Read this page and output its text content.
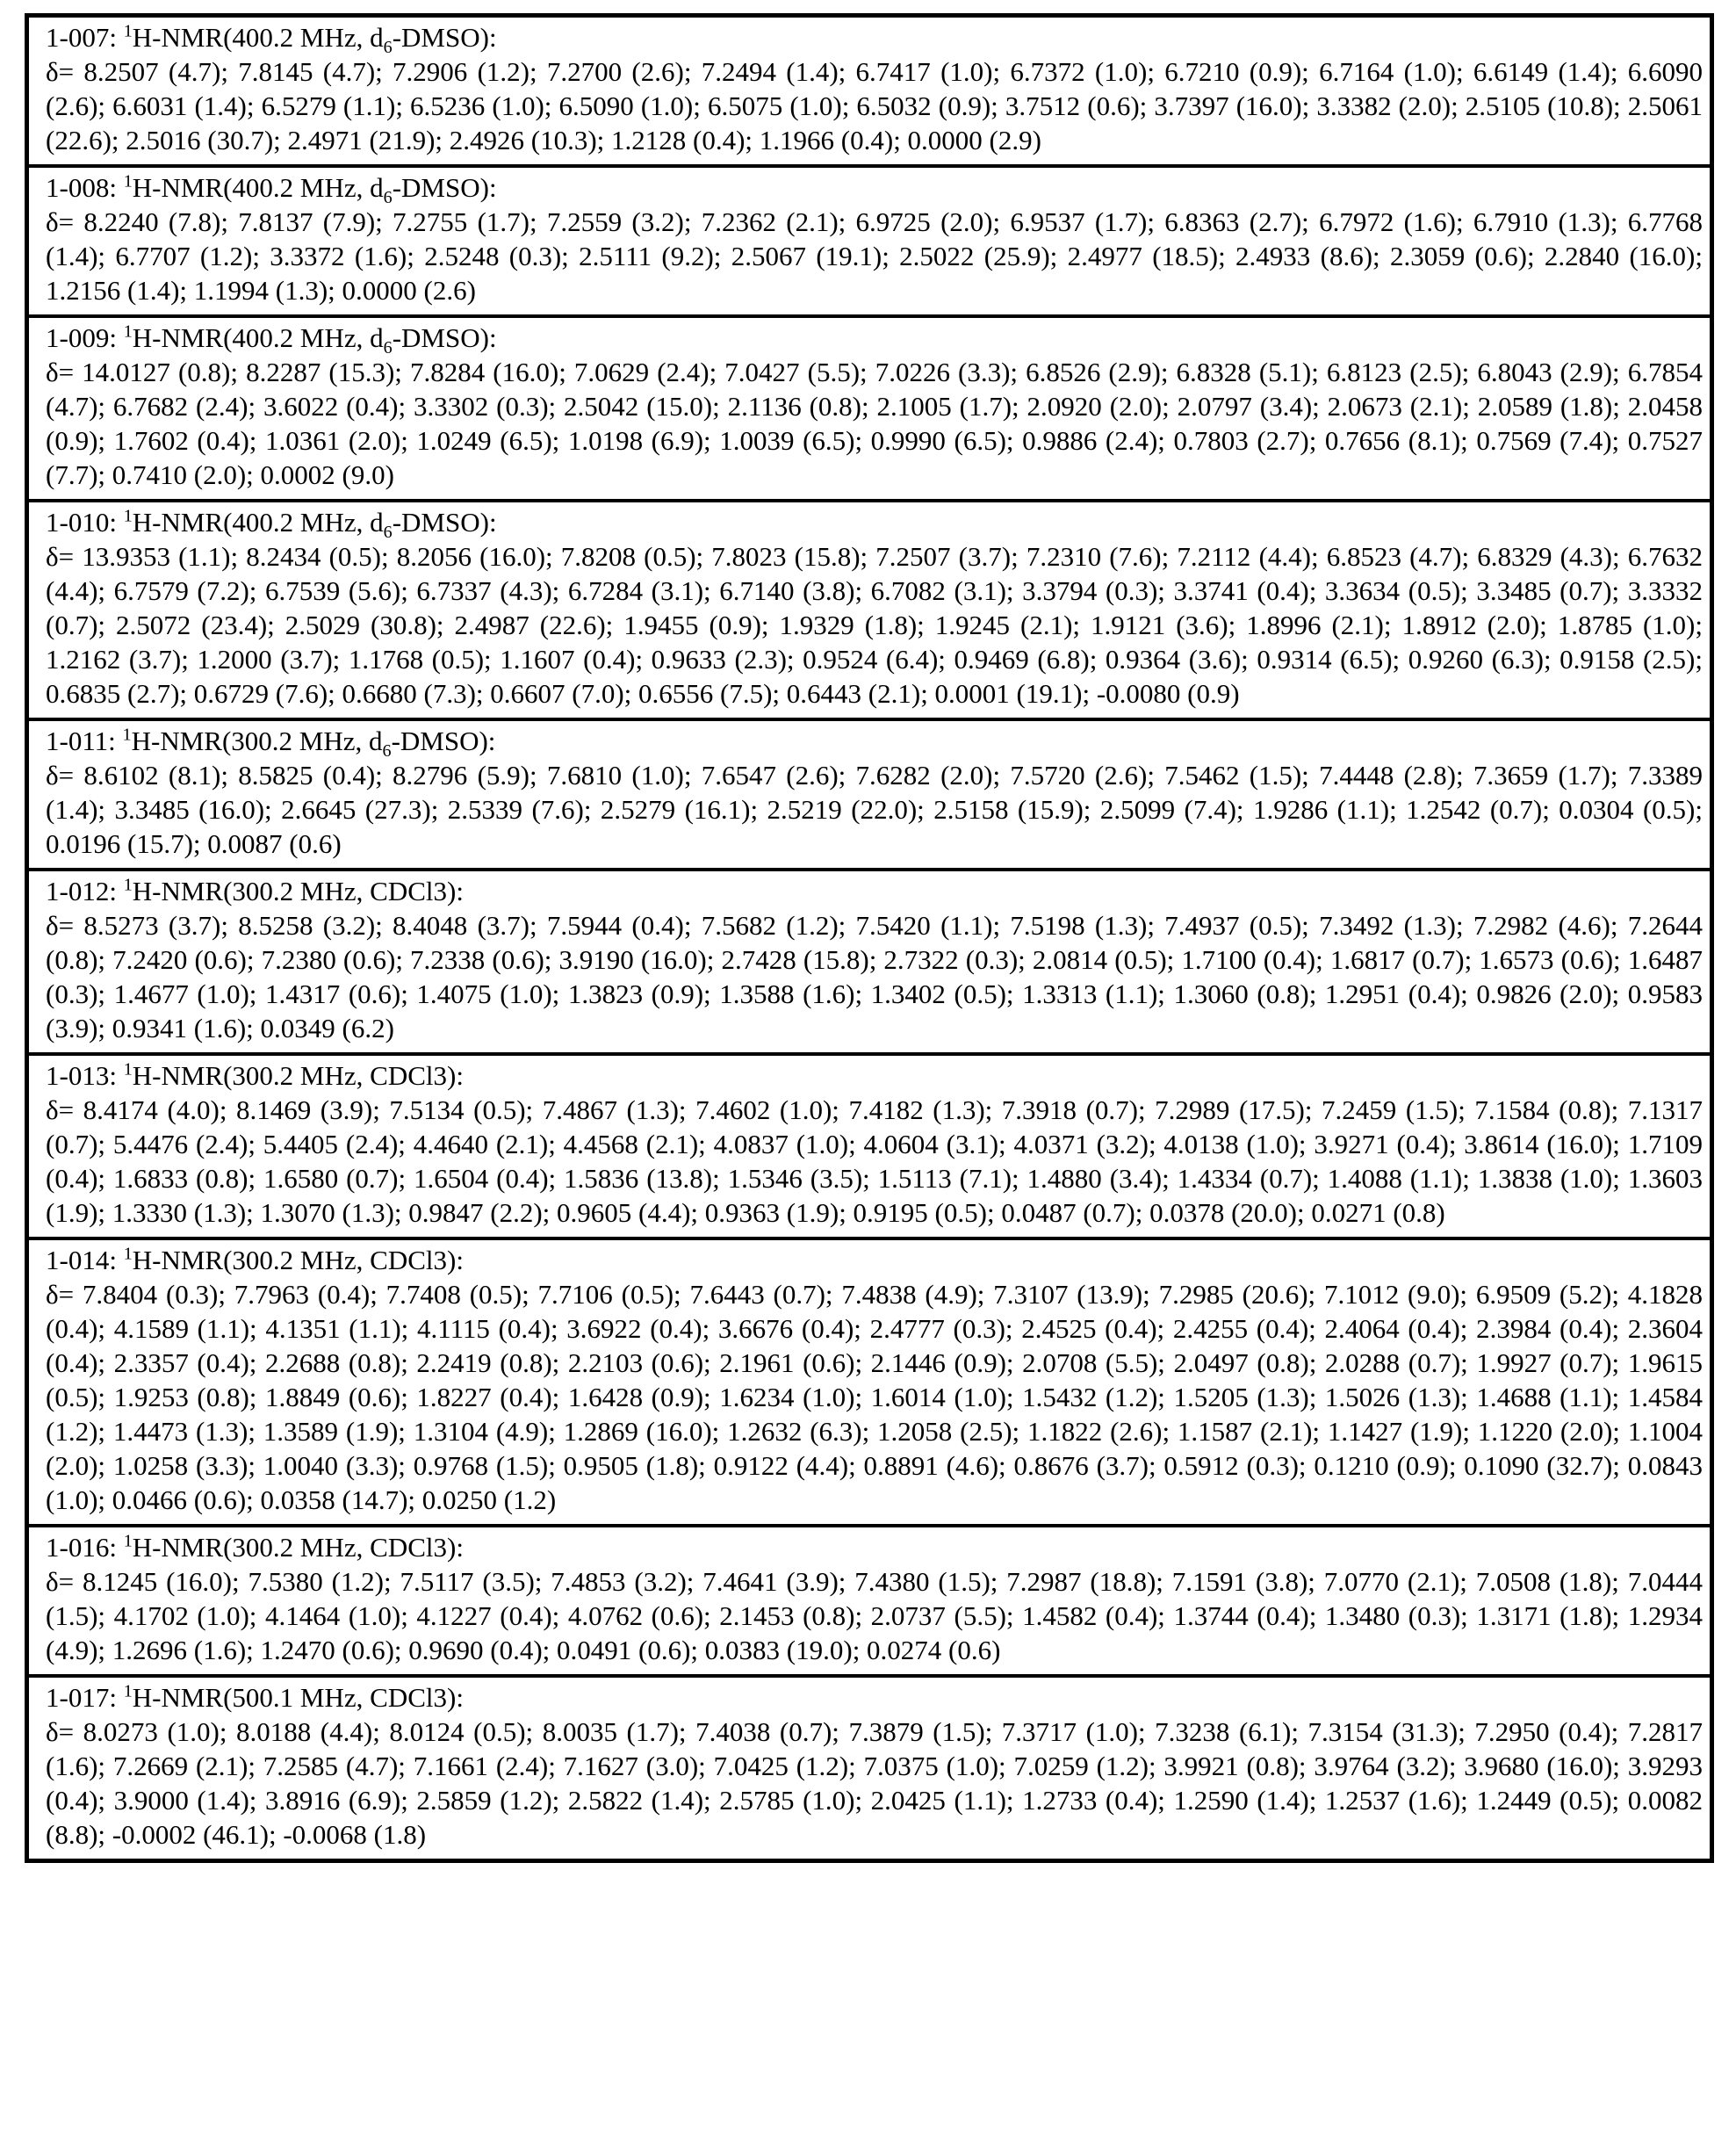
1-007: $^1$H-NMR(400.2 MHz, $d_6-DMSO$):

δ= 8.2507 (4.7); 7.8145 (4.7); 7.2906 (1.2); 7.2700 (2.6); 7.2494 (1.4); 6.7417 (1.0); 6.7372 (1.0); 6.7210 (0.9); 6.7164 (1.0); 6.6149 (1.4); 6.6090 (2.6); 6.6031 (1.4); 6.5279 (1.1); 6.5236 (1.0); 6.5090 (1.0); 6.5075 (1.0); 6.5032 (0.9); 3.7512 (0.6); 3.7397 (16.0); 3.3382 (2.0); 2.5105 (10.8); 2.5061 (22.6); 2.5016 (30.7); 2.4971 (21.9); 2.4926 (10.3); 1.2128 (0.4); 1.1966 (0.4); 0.0000 (2.9)

1-008: $^1$H-NMR(400.2 MHz, $d_6-DMSO$):

δ= 8.2240 (7.8); 7.8137 (7.9); 7.2755 (1.7); 7.2559 (3.2); 7.2362 (2.1); 6.9725 (2.0); 6.9537 (1.7); 6.8363 (2.7); 6.7972 (1.6); 6.7910 (1.3); 6.7768 (1.4); 6.7707 (1.2); 3.3372 (1.6); 2.5248 (0.3); 2.5111 (9.2); 2.5067 (19.1); 2.5022 (25.9); 2.4977 (18.5); 2.4933 (8.6); 2.3059 (0.6); 2.2840 (16.0); 1.2156 (1.4); 1.1994 (1.3); 0.0000 (2.6)

1-009: $^1$H-NMR(400.2 MHz, $d_6-DMSO$):

δ= 14.0127 (0.8); 8.2287 (15.3); 7.8284 (16.0); 7.0629 (2.4); 7.0427 (5.5); 7.0226 (3.3); 6.8526 (2.9); 6.8328 (5.1); 6.8123 (2.5); 6.8043 (2.9); 6.7854 (4.7); 6.7682 (2.4); 3.6022 (0.4); 3.3302 (0.3); 2.5042 (15.0); 2.1136 (0.8); 2.1005 (1.7); 2.0920 (2.0); 2.0797 (3.4); 2.0673 (2.1); 2.0589 (1.8); 2.0458 (0.9); 1.7602 (0.4); 1.0361 (2.0); 1.0249 (6.5); 1.0198 (6.9); 1.0039 (6.5); 0.9990 (6.5); 0.9886 (2.4); 0.7803 (2.7); 0.7656 (8.1); 0.7569 (7.4); 0.7527 (7.7); 0.7410 (2.0); 0.0002 (9.0)

1-010: $^1$H-NMR(400.2 MHz, $d_6-DMSO$):

δ= 13.9353 (1.1); 8.2434 (0.5); 8.2056 (16.0); 7.8208 (0.5); 7.8023 (15.8); 7.2507 (3.7); 7.2310 (7.6); 7.2112 (4.4); 6.8523 (4.7); 6.8329 (4.3); 6.7632 (4.4); 6.7579 (7.2); 6.7539 (5.6); 6.7337 (4.3); 6.7284 (3.1); 6.7140 (3.8); 6.7082 (3.1); 3.3794 (0.3); 3.3741 (0.4); 3.3634 (0.5); 3.3485 (0.7); 3.3332 (0.7); 2.5072 (23.4); 2.5029 (30.8); 2.4987 (22.6); 1.9455 (0.9); 1.9329 (1.8); 1.9245 (2.1); 1.9121 (3.6); 1.8996 (2.1); 1.8912 (2.0); 1.8785 (1.0); 1.2162 (3.7); 1.2000 (3.7); 1.1768 (0.5); 1.1607 (0.4); 0.9633 (2.3); 0.9524 (6.4); 0.9469 (6.8); 0.9364 (3.6); 0.9314 (6.5); 0.9260 (6.3); 0.9158 (2.5); 0.6835 (2.7); 0.6729 (7.6); 0.6680 (7.3); 0.6607 (7.0); 0.6556 (7.5); 0.6443 (2.1); 0.0001 (19.1); -0.0080 (0.9)

1-011: $^1$H-NMR(300.2 MHz, $d_6-DMSO$):

δ= 8.6102 (8.1); 8.5825 (0.4); 8.2796 (5.9); 7.6810 (1.0); 7.6547 (2.6); 7.6282 (2.0); 7.5720 (2.6); 7.5462 (1.5); 7.4448 (2.8); 7.3659 (1.7); 7.3389 (1.4); 3.3485 (16.0); 2.6645 (27.3); 2.5339 (7.6); 2.5279 (16.1); 2.5219 (22.0); 2.5158 (15.9); 2.5099 (7.4); 1.9286 (1.1); 1.2542 (0.7); 0.0304 (0.5); 0.0196 (15.7); 0.0087 (0.6)

1-012: $^1$H-NMR(300.2 MHz, CDCl3):

δ= 8.5273 (3.7); 8.5258 (3.2); 8.4048 (3.7); 7.5944 (0.4); 7.5682 (1.2); 7.5420 (1.1); 7.5198 (1.3); 7.4937 (0.5); 7.3492 (1.3); 7.2982 (4.6); 7.2644 (0.8); 7.2420 (0.6); 7.2380 (0.6); 7.2338 (0.6); 3.9190 (16.0); 2.7428 (15.8); 2.7322 (0.3); 2.0814 (0.5); 1.7100 (0.4); 1.6817 (0.7); 1.6573 (0.6); 1.6487 (0.3); 1.4677 (1.0); 1.4317 (0.6); 1.4075 (1.0); 1.3823 (0.9); 1.3588 (1.6); 1.3402 (0.5); 1.3313 (1.1); 1.3060 (0.8); 1.2951 (0.4); 0.9826 (2.0); 0.9583 (3.9); 0.9341 (1.6); 0.0349 (6.2)

1-013: $^1$H-NMR(300.2 MHz, CDCl3):

δ= 8.4174 (4.0); 8.1469 (3.9); 7.5134 (0.5); 7.4867 (1.3); 7.4602 (1.0); 7.4182 (1.3); 7.3918 (0.7); 7.2989 (17.5); 7.2459 (1.5); 7.1584 (0.8); 7.1317 (0.7); 5.4476 (2.4); 5.4405 (2.4); 4.4640 (2.1); 4.4568 (2.1); 4.0837 (1.0); 4.0604 (3.1); 4.0371 (3.2); 4.0138 (1.0); 3.9271 (0.4); 3.8614 (16.0); 1.7109 (0.4); 1.6833 (0.8); 1.6580 (0.7); 1.6504 (0.4); 1.5836 (13.8); 1.5346 (3.5); 1.5113 (7.1); 1.4880 (3.4); 1.4334 (0.7); 1.4088 (1.1); 1.3838 (1.0); 1.3603 (1.9); 1.3330 (1.3); 1.3070 (1.3); 0.9847 (2.2); 0.9605 (4.4); 0.9363 (1.9); 0.9195 (0.5); 0.0487 (0.7); 0.0378 (20.0); 0.0271 (0.8)

1-014: $^1$H-NMR(300.2 MHz, CDCl3):

δ= 7.8404 (0.3); 7.7963 (0.4); 7.7408 (0.5); 7.7106 (0.5); 7.6443 (0.7); 7.4838 (4.9); 7.3107 (13.9); 7.2985 (20.6); 7.1012 (9.0); 6.9509 (5.2); 4.1828 (0.4); 4.1589 (1.1); 4.1351 (1.1); 4.1115 (0.4); 3.6922 (0.4); 3.6676 (0.4); 2.4777 (0.3); 2.4525 (0.4); 2.4255 (0.4); 2.4064 (0.4); 2.3984 (0.4); 2.3604 (0.4); 2.3357 (0.4); 2.2688 (0.8); 2.2419 (0.8); 2.2103 (0.6); 2.1961 (0.6); 2.1446 (0.9); 2.0708 (5.5); 2.0497 (0.8); 2.0288 (0.7); 1.9927 (0.7); 1.9615 (0.5); 1.9253 (0.8); 1.8849 (0.6); 1.8227 (0.4); 1.6428 (0.9); 1.6234 (1.0); 1.6014 (1.0); 1.5432 (1.2); 1.5205 (1.3); 1.5026 (1.3); 1.4688 (1.1); 1.4584 (1.2); 1.4473 (1.3); 1.3589 (1.9); 1.3104 (4.9); 1.2869 (16.0); 1.2632 (6.3); 1.2058 (2.5); 1.1822 (2.6); 1.1587 (2.1); 1.1427 (1.9); 1.1220 (2.0); 1.1004 (2.0); 1.0258 (3.3); 1.0040 (3.3); 0.9768 (1.5); 0.9505 (1.8); 0.9122 (4.4); 0.8891 (4.6); 0.8676 (3.7); 0.5912 (0.3); 0.1210 (0.9); 0.1090 (32.7); 0.0843 (1.0); 0.0466 (0.6); 0.0358 (14.7); 0.0250 (1.2)

1-016: $^1$H-NMR(300.2 MHz, CDCl3):

δ= 8.1245 (16.0); 7.5380 (1.2); 7.5117 (3.5); 7.4853 (3.2); 7.4641 (3.9); 7.4380 (1.5); 7.2987 (18.8); 7.1591 (3.8); 7.0770 (2.1); 7.0508 (1.8); 7.0444 (1.5); 4.1702 (1.0); 4.1464 (1.0); 4.1227 (0.4); 4.0762 (0.6); 2.1453 (0.8); 2.0737 (5.5); 1.4582 (0.4); 1.3744 (0.4); 1.3480 (0.3); 1.3171 (1.8); 1.2934 (4.9); 1.2696 (1.6); 1.2470 (0.6); 0.9690 (0.4); 0.0491 (0.6); 0.0383 (19.0); 0.0274 (0.6)

1-017: $^1$H-NMR(500.1 MHz, CDCl3):

δ= 8.0273 (1.0); 8.0188 (4.4); 8.0124 (0.5); 8.0035 (1.7); 7.4038 (0.7); 7.3879 (1.5); 7.3717 (1.0); 7.3238 (6.1); 7.3154 (31.3); 7.2950 (0.4); 7.2817 (1.6); 7.2669 (2.1); 7.2585 (4.7); 7.1661 (2.4); 7.1627 (3.0); 7.0425 (1.2); 7.0375 (1.0); 7.0259 (1.2); 3.9921 (0.8); 3.9764 (3.2); 3.9680 (16.0); 3.9293 (0.4); 3.9000 (1.4); 3.8916 (6.9); 2.5859 (1.2); 2.5822 (1.4); 2.5785 (1.0); 2.0425 (1.1); 1.2733 (0.4); 1.2590 (1.4); 1.2537 (1.6); 1.2449 (0.5); 0.0082 (8.8); -0.0002 (46.1); -0.0068 (1.8)
